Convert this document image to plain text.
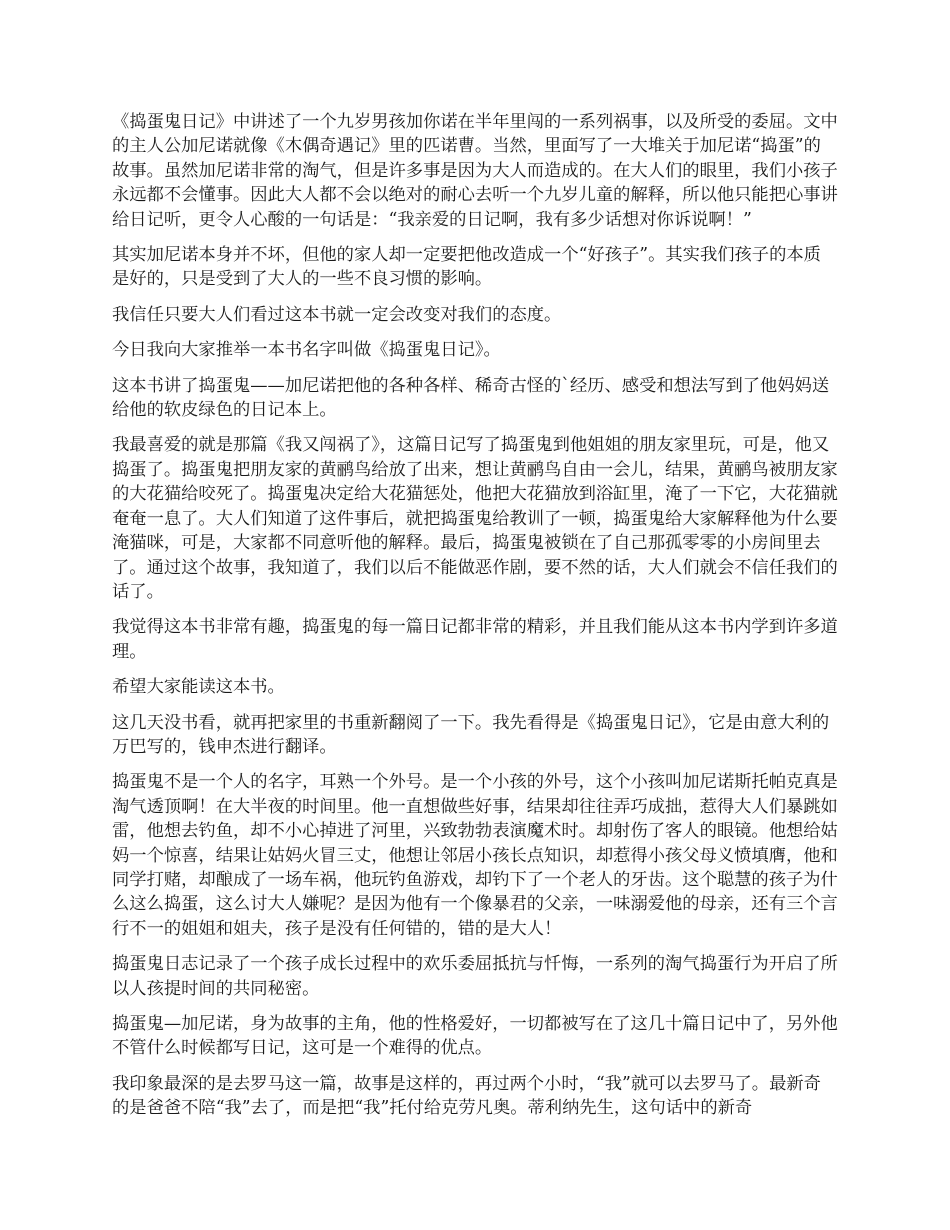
《捣蛋鬼日记》中讲述了一个九岁男孩加你诺在半年里闯的一系列祸事，以及所受的委屈。文中的主人公加尼诺就像《木偶奇遇记》里的匹诺曹。当然，里面写了一大堆关于加尼诺“捣蛋”的故事。虽然加尼诺非常的淘气，但是许多事是因为大人而造成的。在大人们的眼里，我们小孩子永远都不会懂事。因此大人都不会以绝对的耐心去听一个九岁儿童的解释，所以他只能把心事讲给日记听，更令人心酸的一句话是：“我亲爱的日记啊，我有多少话想对你诉说啊！”

其实加尼诺本身并不坏，但他的家人却一定要把他改造成一个“好孩子”。其实我们孩子的本质是好的，只是受到了大人的一些不良习惯的影响。

我信任只要大人们看过这本书就一定会改变对我们的态度。

今日我向大家推举一本书名字叫做《捣蛋鬼日记》。

这本书讲了捣蛋鬼——加尼诺把他的各种各样、稀奇古怪的`经历、感受和想法写到了他妈妈送给他的软皮绿色的日记本上。

我最喜爱的就是那篇《我又闯祸了》，这篇日记写了捣蛋鬼到他姐姐的朋友家里玩，可是，他又捣蛋了。捣蛋鬼把朋友家的黄鹂鸟给放了出来，想让黄鹂鸟自由一会儿，结果，黄鹂鸟被朋友家的大花猫给咬死了。捣蛋鬼决定给大花猫惩处，他把大花猫放到浴缸里，淹了一下它，大花猫就奄奄一息了。大人们知道了这件事后，就把捣蛋鬼给教训了一顿，捣蛋鬼给大家解释他为什么要淹猫咪，可是，大家都不同意听他的解释。最后，捣蛋鬼被锁在了自己那孤零零的小房间里去了。通过这个故事，我知道了，我们以后不能做恶作剧，要不然的话，大人们就会不信任我们的话了。

我觉得这本书非常有趣，捣蛋鬼的每一篇日记都非常的精彩，并且我们能从这本书内学到许多道理。

希望大家能读这本书。

这几天没书看，就再把家里的书重新翻阅了一下。我先看得是《捣蛋鬼日记》，它是由意大利的万巴写的，钱申杰进行翻译。

捣蛋鬼不是一个人的名字，耳熟一个外号。是一个小孩的外号，这个小孩叫加尼诺斯托帕克真是淘气透顶啊！在大半夜的时间里。他一直想做些好事，结果却往往弄巧成拙，惹得大人们暴跳如雷，他想去钓鱼，却不小心掉进了河里，兴致勃勃表演魔术时。却射伤了客人的眼镜。他想给姑妈一个惊喜，结果让姑妈火冒三丈，他想让邻居小孩长点知识，却惹得小孩父母义愤填膺，他和同学打赌，却酿成了一场车祸，他玩钓鱼游戏，却钓下了一个老人的牙齿。这个聪慧的孩子为什么这么捣蛋，这么讨大人嫌呢？是因为他有一个像暴君的父亲，一味溺爱他的母亲，还有三个言行不一的姐姐和姐夫，孩子是没有任何错的，错的是大人！

捣蛋鬼日志记录了一个孩子成长过程中的欢乐委屈抵抗与忏悔，一系列的淘气捣蛋行为开启了所以人孩提时间的共同秘密。

捣蛋鬼—加尼诺，身为故事的主角，他的性格爱好，一切都被写在了这几十篇日记中了，另外他不管什么时候都写日记，这可是一个难得的优点。

我印象最深的是去罗马这一篇，故事是这样的，再过两个小时，“我”就可以去罗马了。最新奇的是爸爸不陪“我”去了，而是把“我”托付给克劳凡奥。蒂利纳先生，这句话中的新奇
